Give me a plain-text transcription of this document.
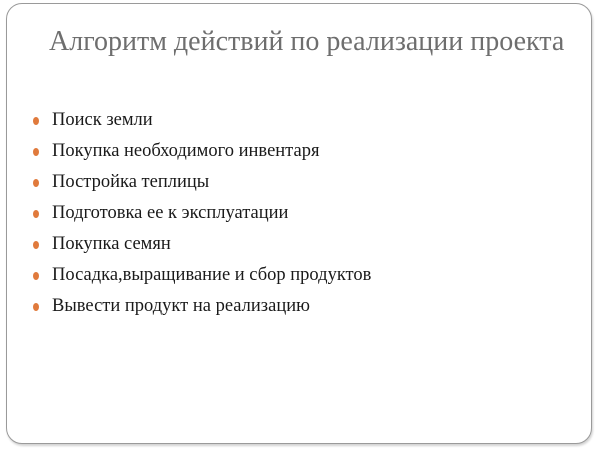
Алгоритм действий по реализации проекта
Поиск земли
Покупка необходимого инвентаря
Постройка теплицы
Подготовка ее к эксплуатации
Покупка семян
Посадка,выращивание и сбор продуктов
Вывести продукт на реализацию
